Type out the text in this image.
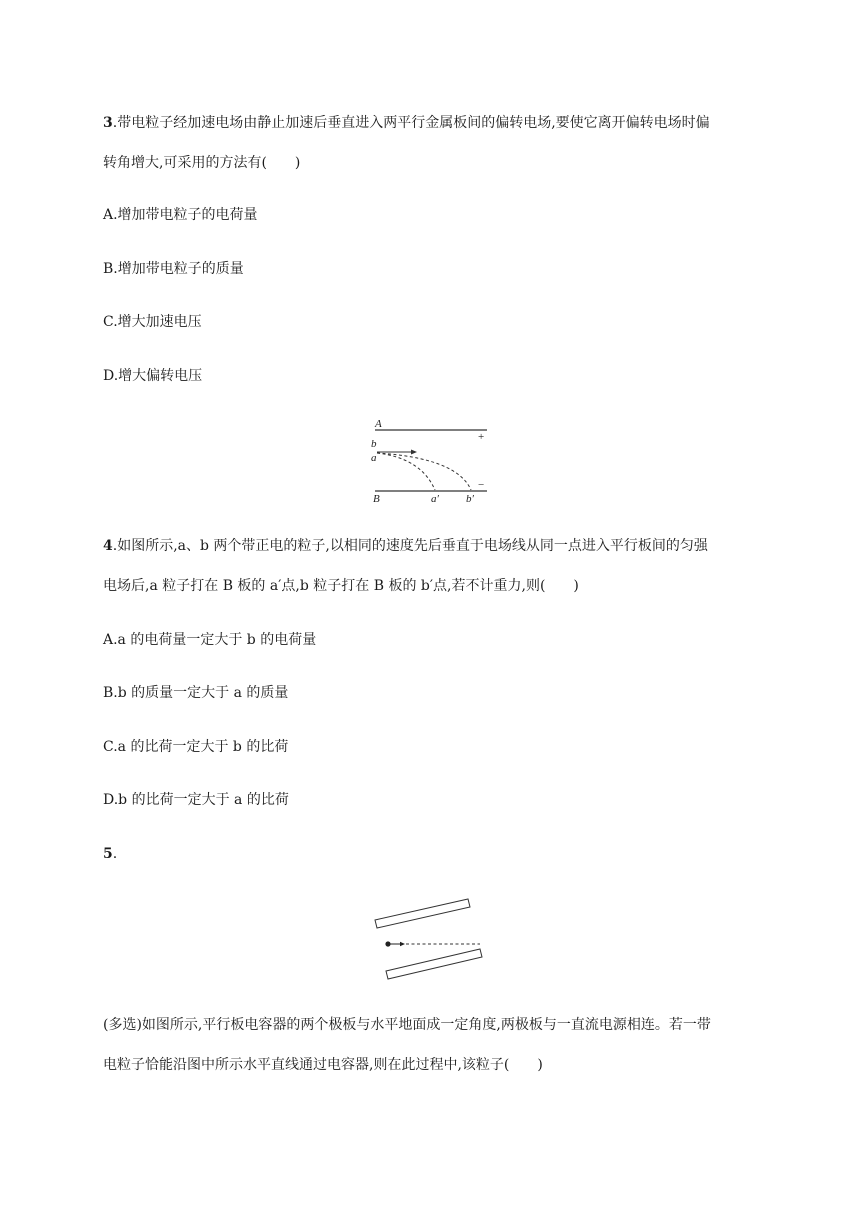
3.带电粒子经加速电场由静止加速后垂直进入两平行金属板间的偏转电场,要使它离开偏转电场时偏
转角增大,可采用的方法有(　　)
A.增加带电粒子的电荷量
B.增加带电粒子的质量
C.增大加速电压
D.增大偏转电压
A
+
b
a
−
B	a′ b′
4.如图所示,a、b 两个带正电的粒子,以相同的速度先后垂直于电场线从同一点进入平行板间的匀强
电场后,a 粒子打在 B 板的 a′点,b 粒子打在 B 板的 b′点,若不计重力,则(　　)
A.a 的电荷量一定大于 b 的电荷量
B.b 的质量一定大于 a 的质量
C.a 的比荷一定大于 b 的比荷
D.b 的比荷一定大于 a 的比荷
5.
(多选)如图所示,平行板电容器的两个极板与水平地面成一定角度,两极板与一直流电源相连。若一带
电粒子恰能沿图中所示水平直线通过电容器,则在此过程中,该粒子(　　)
